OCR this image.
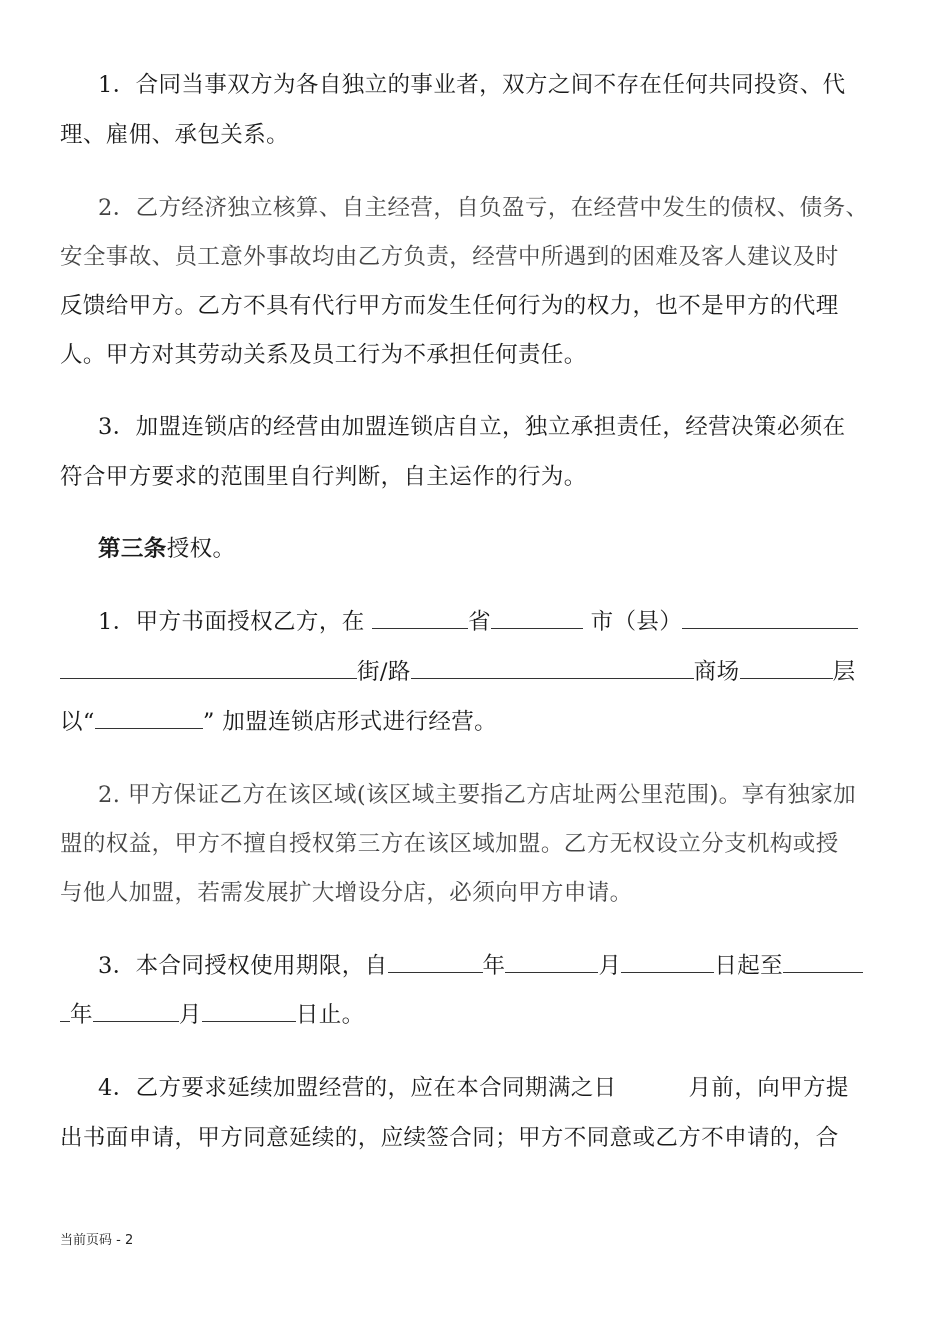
1．合同当事双方为各自独立的事业者，双方之间不存在任何共同投资、代
理、雇佣、承包关系。
2．乙方经济独立核算、自主经营，自负盈亏，在经营中发生的债权、债务、
安全事故、员工意外事故均由乙方负责，经营中所遇到的困难及客人建议及时
反馈给甲方。乙方不具有代行甲方而发生任何行为的权力，也不是甲方的代理
人。甲方对其劳动关系及员工行为不承担任何责任。
3．加盟连锁店的经营由加盟连锁店自立，独立承担责任，经营决策必须在
符合甲方要求的范围里自行判断，自主运作的行为。
第三条授权。
1．甲方书面授权乙方，在	省	市（县）
街/路	商场	层
以“	” 加盟连锁店形式进行经营。
2. 甲方保证乙方在该区域(该区域主要指乙方店址两公里范围)。享有独家加
盟的权益，甲方不擅自授权第三方在该区域加盟。乙方无权设立分支机构或授
与他人加盟，若需发展扩大增设分店，必须向甲方申请。
3．本合同授权使用期限，自	年	月	日起至
年	月	日止。
4．乙方要求延续加盟经营的，应在本合同期满之日	月前，向甲方提
出书面申请，甲方同意延续的，应续签合同；甲方不同意或乙方不申请的，合
当前页码 - 2
